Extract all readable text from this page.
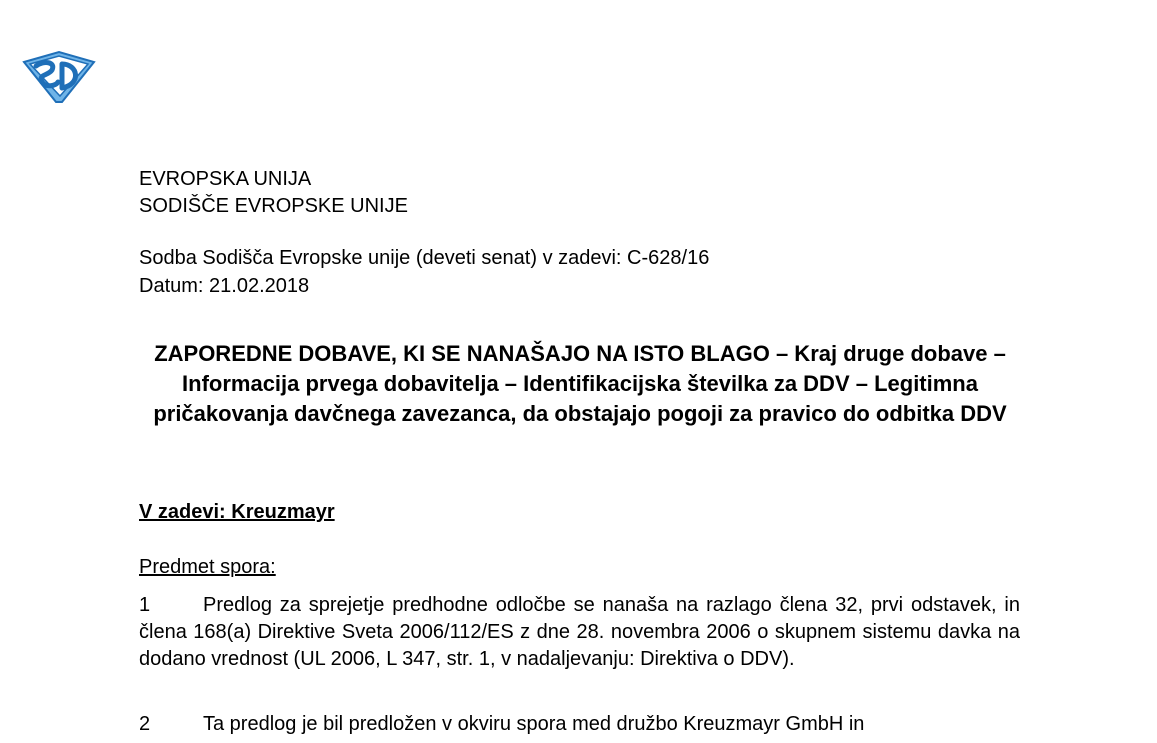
EVROPSKA UNIJA
SODIŠČE EVROPSKE UNIJE
Sodba Sodišča Evropske unije (deveti senat) v zadevi: C-628/16
Datum: 21.02.2018
ZAPOREDNE DOBAVE, KI SE NANAŠAJO NA ISTO BLAGO – Kraj druge dobave – Informacija prvega dobavitelja – Identifikacijska številka za DDV – Legitimna pričakovanja davčnega zavezanca, da obstajajo pogoji za pravico do odbitka DDV
V zadevi: Kreuzmayr
Predmet spora:
1	Predlog za sprejetje predhodne odločbe se nanaša na razlago člena 32, prvi odstavek, in člena 168(a) Direktive Sveta 2006/112/ES z dne 28. novembra 2006 o skupnem sistemu davka na dodano vrednost (UL 2006, L 347, str. 1, v nadaljevanju: Direktiva o DDV).
2	Ta predlog je bil predložen v okviru spora med družbo Kreuzmayr GmbH in
